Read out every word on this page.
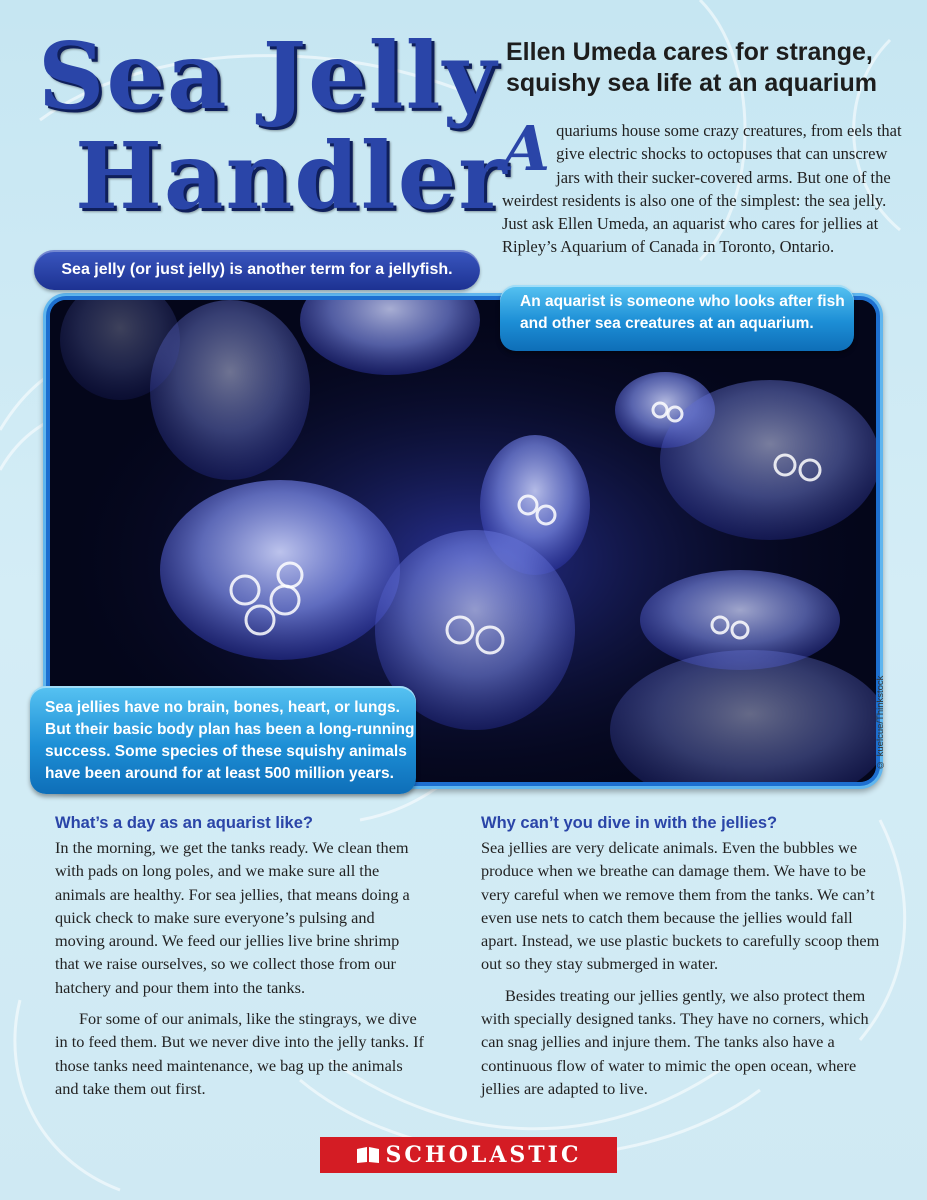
Sea Jelly
Handler
Ellen Umeda cares for strange, squishy sea life at an aquarium
Aquariums house some crazy creatures, from eels that give electric shocks to octopuses that can unscrew jars with their sucker-covered arms. But one of the weirdest residents is also one of the simplest: the sea jelly. Just ask Ellen Umeda, an aquarist who cares for jellies at Ripley’s Aquarium of Canada in Toronto, Ontario.
© kuelcue/Thinkstock
Sea jelly (or just jelly) is another term for a jellyfish.
An aquarist is someone who looks after fish and other sea creatures at an aquarium.
Sea jellies have no brain, bones, heart, or lungs. But their basic body plan has been a long-running success. Some species of these squishy animals have been around for at least 500 million years.
What’s a day as an aquarist like?

In the morning, we get the tanks ready. We clean them with pads on long poles, and we make sure all the animals are healthy. For sea jellies, that means doing a quick check to make sure everyone’s pulsing and moving around. We feed our jellies live brine shrimp that we raise ourselves, so we collect those from our hatchery and pour them into the tanks.

For some of our animals, like the stingrays, we dive in to feed them. But we never dive into the jelly tanks. If those tanks need maintenance, we bag up the animals and take them out first.

Why can’t you dive in with the jellies?

Sea jellies are very delicate animals. Even the bubbles we produce when we breathe can damage them. We have to be very careful when we remove them from the tanks. We can’t even use nets to catch them because the jellies would fall apart. Instead, we use plastic buckets to carefully scoop them out so they stay submerged in water.

Besides treating our jellies gently, we also protect them with specially designed tanks. They have no corners, which can snag jellies and injure them. The tanks also have a continuous flow of water to mimic the open ocean, where jellies are adapted to live.

SCHOLASTIC
